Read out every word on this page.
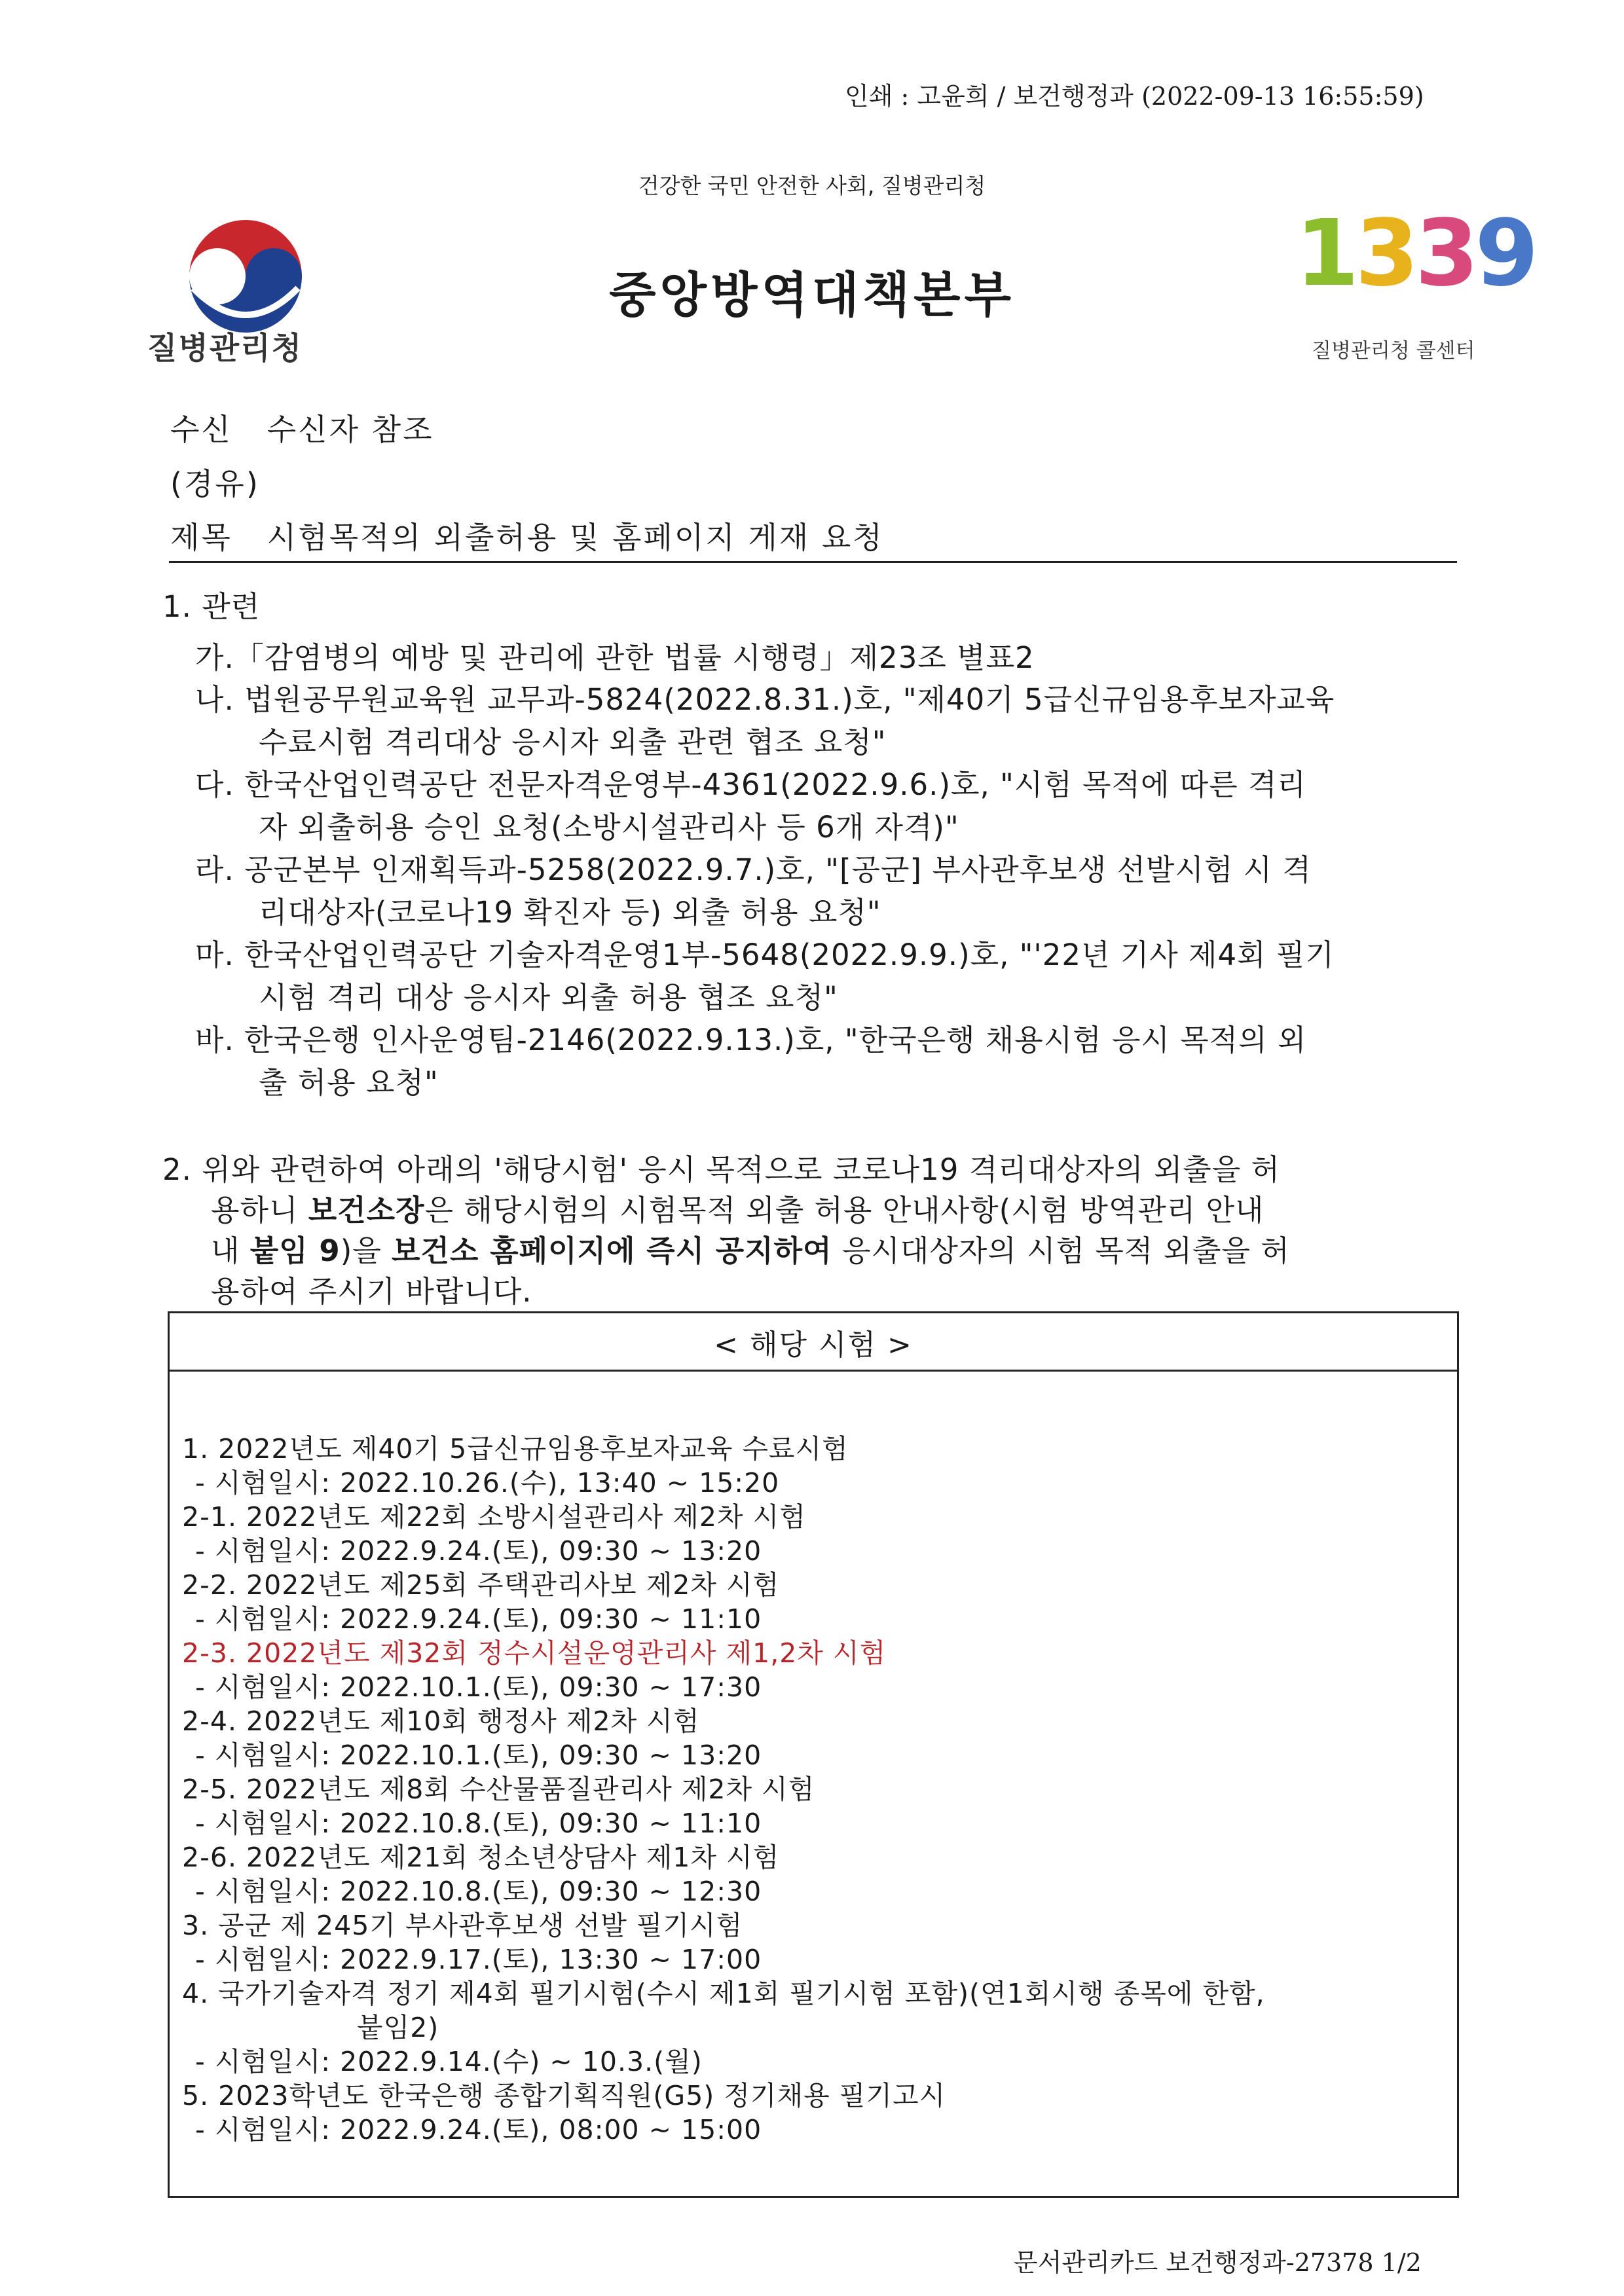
인쇄 : 고윤희 / 보건행정과 (2022-09-13 16:55:59)
건강한 국민 안전한 사회, 질병관리청
중앙방역대책본부
질병관리청
1339
질병관리청 콜센터
수신 수신자 참조
(경유)
제목 시험목적의 외출허용 및 홈페이지 게재 요청
1. 관련
가.「감염병의 예방 및 관리에 관한 법률 시행령」제23조 별표2
나. 법원공무원교육원 교무과-5824(2022.8.31.)호, "제40기 5급신규임용후보자교육
수료시험 격리대상 응시자 외출 관련 협조 요청"
다. 한국산업인력공단 전문자격운영부-4361(2022.9.6.)호, "시험 목적에 따른 격리
자 외출허용 승인 요청(소방시설관리사 등 6개 자격)"
라. 공군본부 인재획득과-5258(2022.9.7.)호, "[공군] 부사관후보생 선발시험 시 격
리대상자(코로나19 확진자 등) 외출 허용 요청"
마. 한국산업인력공단 기술자격운영1부-5648(2022.9.9.)호, "'22년 기사 제4회 필기
시험 격리 대상 응시자 외출 허용 협조 요청"
바. 한국은행 인사운영팀-2146(2022.9.13.)호, "한국은행 채용시험 응시 목적의 외
출 허용 요청"
2. 위와 관련하여 아래의 '해당시험' 응시 목적으로 코로나19 격리대상자의 외출을 허
용하니 보건소장은 해당시험의 시험목적 외출 허용 안내사항(시험 방역관리 안내
내 붙임 9)을 보건소 홈페이지에 즉시 공지하여 응시대상자의 시험 목적 외출을 허
용하여 주시기 바랍니다.
< 해당 시험 >
1. 2022년도 제40기 5급신규임용후보자교육 수료시험
- 시험일시: 2022.10.26.(수), 13:40 ~ 15:20
2-1. 2022년도 제22회 소방시설관리사 제2차 시험
- 시험일시: 2022.9.24.(토), 09:30 ~ 13:20
2-2. 2022년도 제25회 주택관리사보 제2차 시험
- 시험일시: 2022.9.24.(토), 09:30 ~ 11:10
2-3. 2022년도 제32회 정수시설운영관리사 제1,2차 시험
- 시험일시: 2022.10.1.(토), 09:30 ~ 17:30
2-4. 2022년도 제10회 행정사 제2차 시험
- 시험일시: 2022.10.1.(토), 09:30 ~ 13:20
2-5. 2022년도 제8회 수산물품질관리사 제2차 시험
- 시험일시: 2022.10.8.(토), 09:30 ~ 11:10
2-6. 2022년도 제21회 청소년상담사 제1차 시험
- 시험일시: 2022.10.8.(토), 09:30 ~ 12:30
3. 공군 제 245기 부사관후보생 선발 필기시험
- 시험일시: 2022.9.17.(토), 13:30 ~ 17:00
4. 국가기술자격 정기 제4회 필기시험(수시 제1회 필기시험 포함)(연1회시행 종목에 한함,
붙임2)
- 시험일시: 2022.9.14.(수) ~ 10.3.(월)
5. 2023학년도 한국은행 종합기획직원(G5) 정기채용 필기고시
- 시험일시: 2022.9.24.(토), 08:00 ~ 15:00
문서관리카드 보건행정과-27378 1/2
